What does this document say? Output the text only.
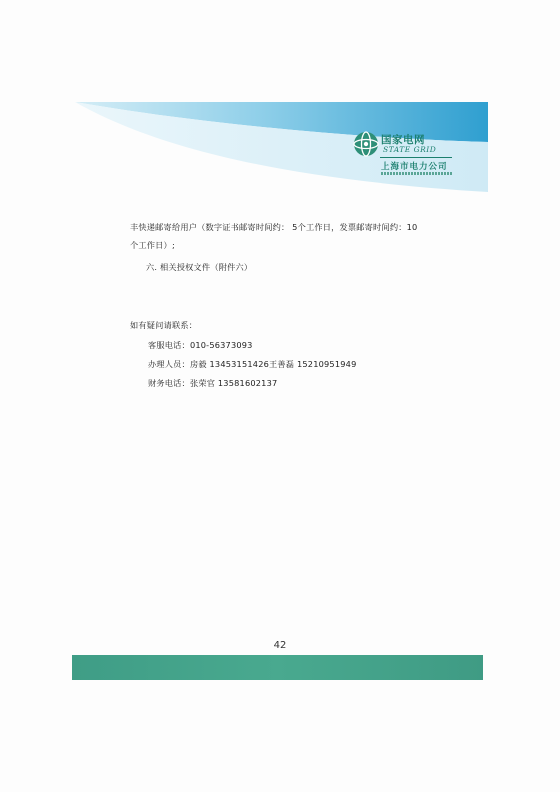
国家电网
STATE GRID
上海市电力公司
丰快递邮寄给用户（数字证书邮寄时间约： 5个工作日，发票邮寄时间约：10
个工作日）;
六. 相关授权文件（附件六）
如有疑问请联系：
客服电话：010-56373093
办理人员：房毅 13453151426王善磊 15210951949
财务电话：张荣官 13581602137
42
